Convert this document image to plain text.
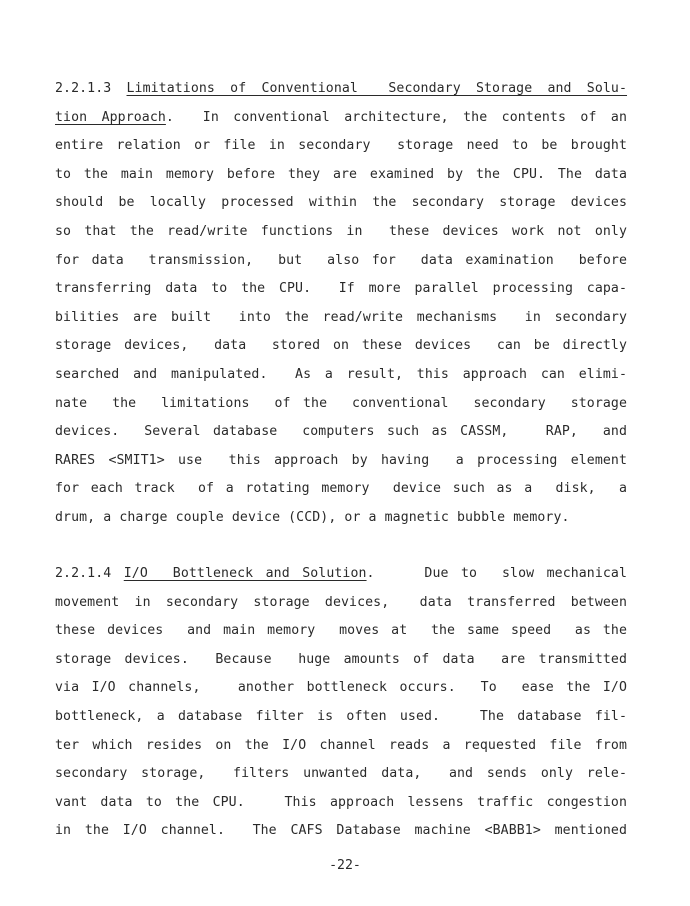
2.2.1.3 Limitations of Conventional  Secondary Storage and Solu-
tion Approach.  In conventional architecture, the contents of an
entire relation or file in secondary  storage need to be brought
to the main memory before they are examined by the CPU. The data
should be locally processed within the secondary storage devices
so that the read/write functions in  these devices work not only
for data  transmission,  but  also for  data examination  before
transferring data to the CPU.  If more parallel processing capa-
bilities are built  into the read/write mechanisms  in secondary
storage devices,  data  stored on these devices  can be directly
searched and manipulated.  As a result, this approach can elimi-
nate  the  limitations  of the  conventional  secondary  storage
devices.  Several database  computers such as CASSM,   RAP,  and
RARES <SMIT1> use  this approach by having  a processing element
for each track  of a rotating memory  device such as a  disk,  a
drum, a charge couple device (CCD), or a magnetic bubble memory.
2.2.1.4 I/O  Bottleneck and Solution.    Due to  slow mechanical
movement in secondary storage devices,  data transferred between
these devices  and main memory  moves at  the same speed  as the
storage devices.  Because  huge amounts of data  are transmitted
via I/O channels,   another bottleneck occurs.  To  ease the I/O
bottleneck, a database filter is often used.   The database fil-
ter which resides on the I/O channel reads a requested file from
secondary storage,  filters unwanted data,  and sends only rele-
vant data to the CPU.   This approach lessens traffic congestion
in the I/O channel.  The CAFS Database machine <BABB1> mentioned
-22-
